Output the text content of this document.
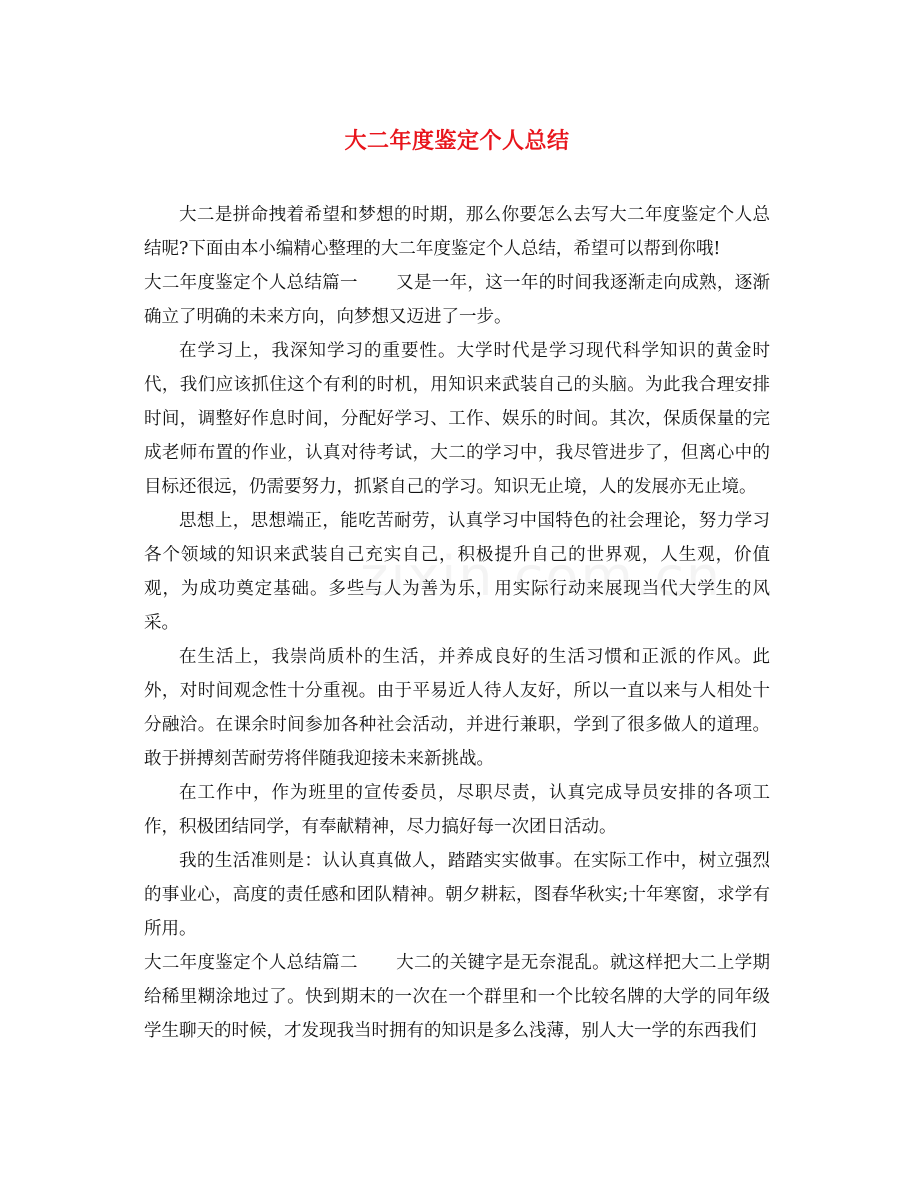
大二年度鉴定个人总结

大二是拼命拽着希望和梦想的时期，那么你要怎么去写大二年度鉴定个人总结呢?下面由本小编精心整理的大二年度鉴定个人总结，希望可以帮到你哦!

大二年度鉴定个人总结篇一 又是一年，这一年的时间我逐渐走向成熟，逐渐确立了明确的未来方向，向梦想又迈进了一步。

在学习上，我深知学习的重要性。大学时代是学习现代科学知识的黄金时代，我们应该抓住这个有利的时机，用知识来武装自己的头脑。为此我合理安排时间，调整好作息时间，分配好学习、工作、娱乐的时间。其次，保质保量的完成老师布置的作业，认真对待考试，大二的学习中，我尽管进步了，但离心中的目标还很远，仍需要努力，抓紧自己的学习。知识无止境，人的发展亦无止境。

思想上，思想端正，能吃苦耐劳，认真学习中国特色的社会理论，努力学习各个领域的知识来武装自己充实自己，积极提升自己的世界观，人生观，价值观，为成功奠定基础。多些与人为善为乐，用实际行动来展现当代大学生的风采。

在生活上，我崇尚质朴的生活，并养成良好的生活习惯和正派的作风。此外，对时间观念性十分重视。由于平易近人待人友好，所以一直以来与人相处十分融洽。在课余时间参加各种社会活动，并进行兼职，学到了很多做人的道理。敢于拼搏刻苦耐劳将伴随我迎接未来新挑战。

在工作中，作为班里的宣传委员，尽职尽责，认真完成导员安排的各项工作，积极团结同学，有奉献精神，尽力搞好每一次团日活动。

我的生活准则是：认认真真做人，踏踏实实做事。在实际工作中，树立强烈的事业心，高度的责任感和团队精神。朝夕耕耘，图春华秋实;十年寒窗，求学有所用。

大二年度鉴定个人总结篇二 大二的关键字是无奈混乱。就这样把大二上学期给稀里糊涂地过了。快到期末的一次在一个群里和一个比较名牌的大学的同年级学生聊天的时候，才发现我当时拥有的知识是多么浅薄，别人大一学的东西我们
